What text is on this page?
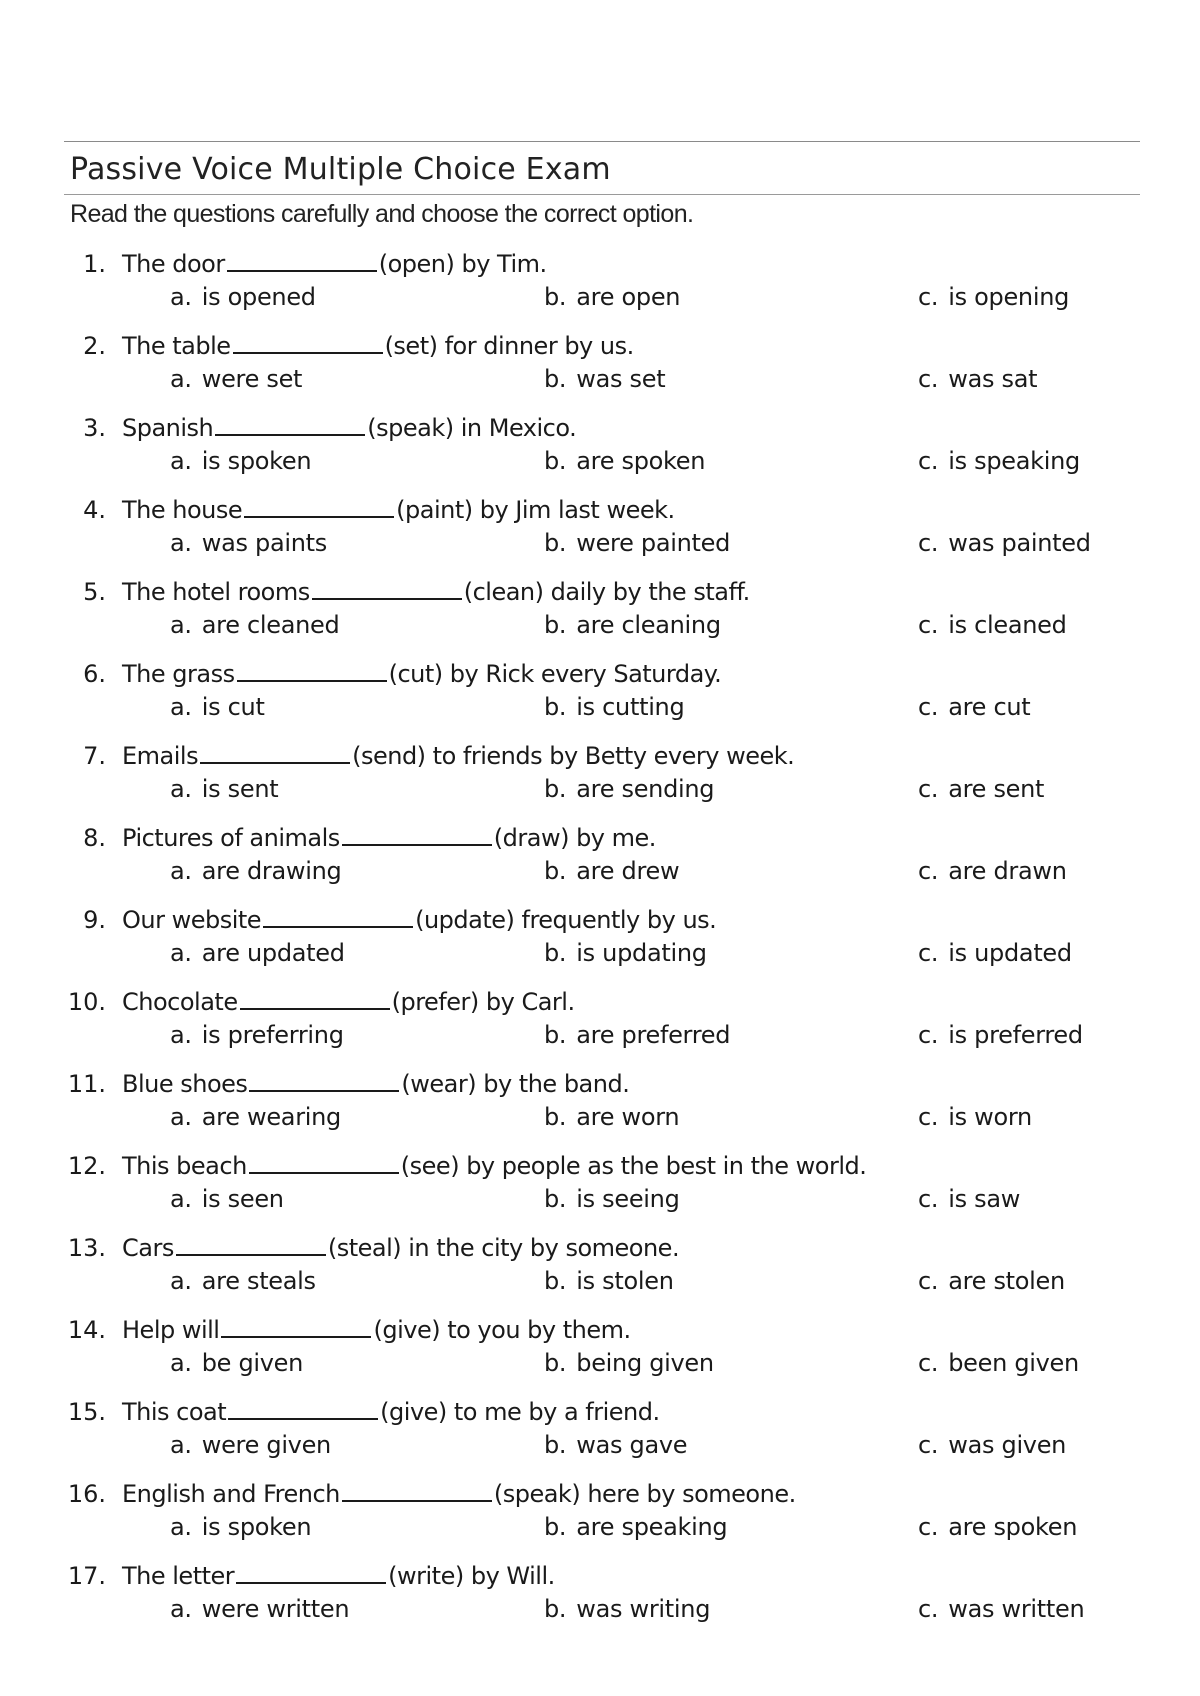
Passive Voice Multiple Choice Exam
Read the questions carefully and choose the correct option.
1. The door	(open) by Tim.
a. is opened	b. are open	c. is opening
2. The table	(set) for dinner by us.
a. were set	b. was set	c. was sat
3. Spanish	(speak) in Mexico.
a. is spoken	b. are spoken	c. is speaking
4. The house	(paint) by Jim last week.
a. was paints	b. were painted	c. was painted
5. The hotel rooms	(clean) daily by the staff.
a. are cleaned	b. are cleaning	c. is cleaned
6. The grass	(cut) by Rick every Saturday.
a. is cut	b. is cutting	c. are cut
7. Emails	(send) to friends by Betty every week.
a. is sent	b. are sending	c. are sent
8. Pictures of animals	(draw) by me.
a. are drawing	b. are drew	c. are drawn
9. Our website	(update) frequently by us.
a. are updated	b. is updating	c. is updated
10. Chocolate	(prefer) by Carl.
a. is preferring	b. are preferred	c. is preferred
11. Blue shoes	(wear) by the band.
a. are wearing	b. are worn	c. is worn
12. This beach	(see) by people as the best in the world.
a. is seen	b. is seeing	c. is saw
13. Cars	(steal) in the city by someone.
a. are steals	b. is stolen	c. are stolen
14. Help will	(give) to you by them.
a. be given	b. being given	c. been given
15. This coat	(give) to me by a friend.
a. were given	b. was gave	c. was given
16. English and French	(speak) here by someone.
a. is spoken	b. are speaking	c. are spoken
17. The letter	(write) by Will.
a. were written	b. was writing	c. was written
